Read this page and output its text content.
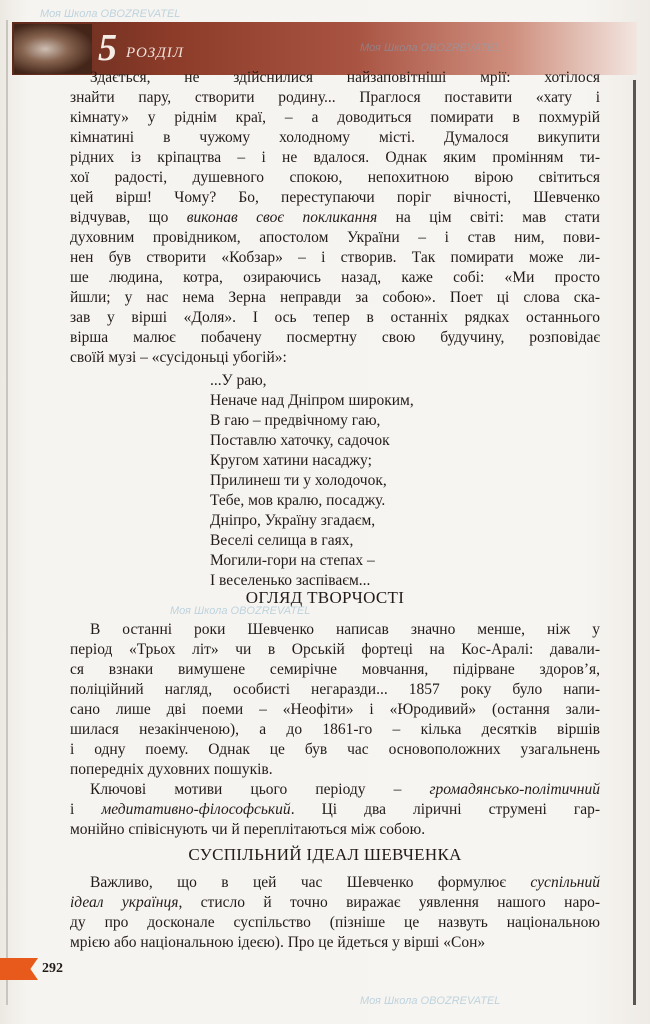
5 РОЗДІЛ
Здається, не здійснилися найзаповітніші мрії: хотілося
знайти пару, створити родину... Праглося поставити «хату і
кімнату» у ріднім краї, – а доводиться помирати в похмурій
кімнатині в чужому холодному місті. Думалося викупити
рідних із кріпацтва – і не вдалося. Однак яким промінням ти-
хої радості, душевного спокою, непохитною вірою світиться
цей вірш! Чому? Бо, переступаючи поріг вічності, Шевченко
відчував, що виконав своє покликання на цім світі: мав стати
духовним провідником, апостолом України – і став ним, пови-
нен був створити «Кобзар» – і створив. Так помирати може ли-
ше людина, котра, озираючись назад, каже собі: «Ми просто
йшли; у нас нема Зерна неправди за собою». Поет ці слова ска-
зав у вірші «Доля». І ось тепер в останніх рядках останнього
вірша малює побачену посмертну свою будучину, розповідає
своїй музі – «сусідоньці убогій»:
...У раю,
Неначе над Дніпром широким,
В гаю – предвічному гаю,
Поставлю хаточку, садочок
Кругом хатини насаджу;
Прилинеш ти у холодочок,
Тебе, мов кралю, посаджу.
Дніпро, Україну згадаєм,
Веселі селища в гаях,
Могили-гори на степах –
І веселенько заспіваєм...
ОГЛЯД ТВОРЧОСТІ
В останні роки Шевченко написав значно менше, ніж у
період «Трьох літ» чи в Орській фортеці на Кос-Аралі: давали-
ся взнаки вимушене семирічне мовчання, підірване здоров’я,
поліційний нагляд, особисті негаразди... 1857 року було напи-
сано лише дві поеми – «Неофіти» і «Юродивий» (остання зали-
шилася незакінченою), а до 1861-го – кілька десятків віршів
і одну поему. Однак це був час основоположних узагальнень
попередніх духовних пошуків.
Ключові мотиви цього періоду – громадянсько-політичний
і медитативно-філософський. Ці два ліричні струмені гар-
монійно співіснують чи й переплітаються між собою.
СУСПІЛЬНИЙ ІДЕАЛ ШЕВЧЕНКА
Важливо, що в цей час Шевченко формулює суспільний
ідеал українця, стисло й точно виражає уявлення нашого наро-
ду про досконале суспільство (пізніше це назвуть національною
мрією або національною ідеєю). Про це йдеться у вірші «Сон»
292
Моя Школа OBOZREVATEL
Моя Школа OBOZREVATEL
Моя Школа OBOZREVATEL
Моя Школа OBOZREVATEL
